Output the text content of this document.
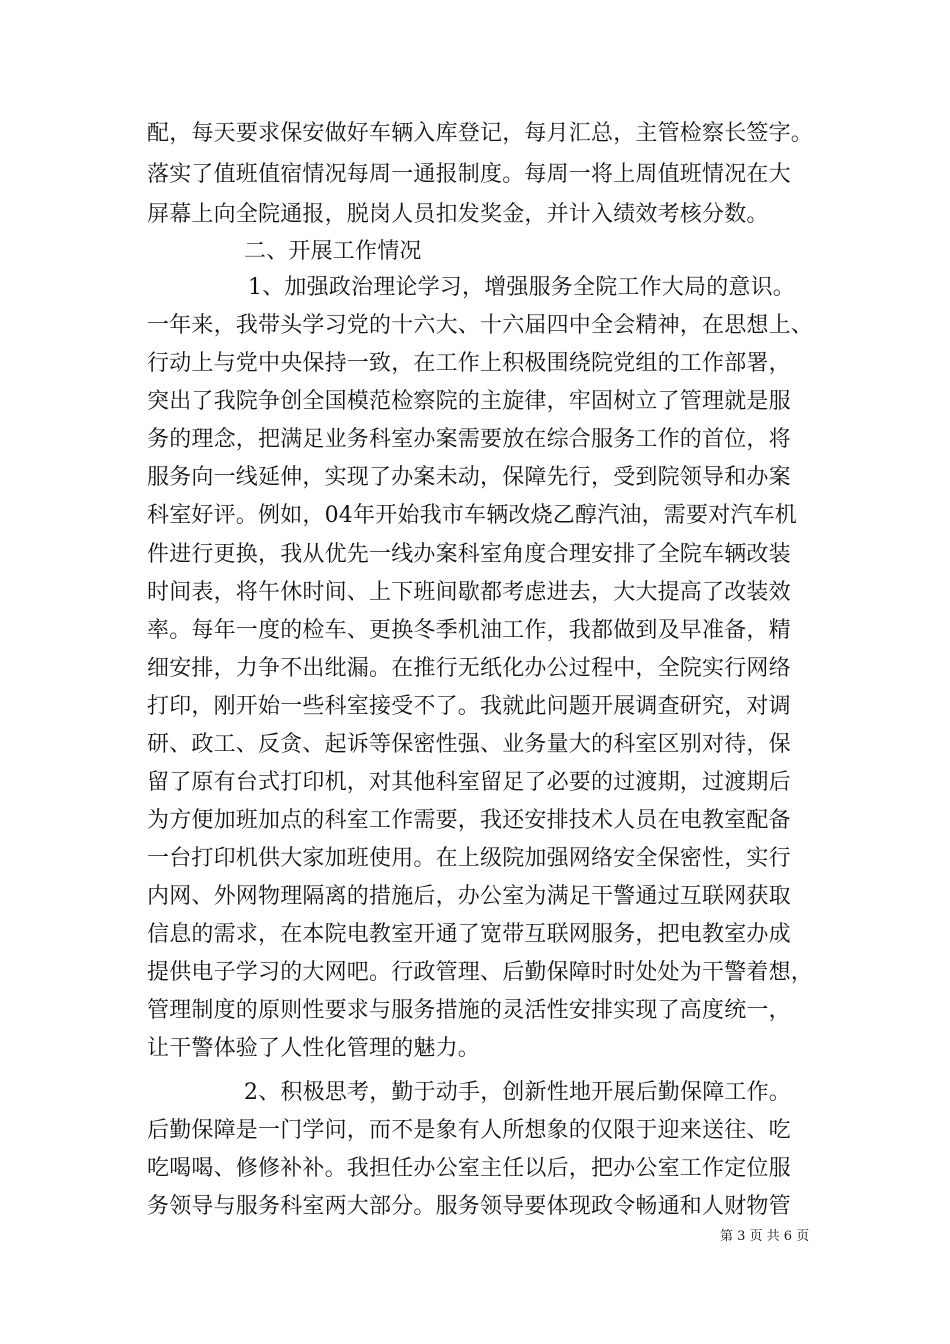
配，每天要求保安做好车辆入库登记，每月汇总，主管检察长签字。
落实了值班值宿情况每周一通报制度。每周一将上周值班情况在大
屏幕上向全院通报，脱岗人员扣发奖金，并计入绩效考核分数。
二、开展工作情况
1、加强政治理论学习，增强服务全院工作大局的意识。
一年来，我带头学习党的十六大、十六届四中全会精神，在思想上、
行动上与党中央保持一致，在工作上积极围绕院党组的工作部署，
突出了我院争创全国模范检察院的主旋律，牢固树立了管理就是服
务的理念，把满足业务科室办案需要放在综合服务工作的首位，将
服务向一线延伸，实现了办案未动，保障先行，受到院领导和办案
科室好评。例如，04年开始我市车辆改烧乙醇汽油，需要对汽车机
件进行更换，我从优先一线办案科室角度合理安排了全院车辆改装
时间表，将午休时间、上下班间歇都考虑进去，大大提高了改装效
率。每年一度的检车、更换冬季机油工作，我都做到及早准备，精
细安排，力争不出纰漏。在推行无纸化办公过程中，全院实行网络
打印，刚开始一些科室接受不了。我就此问题开展调查研究，对调
研、政工、反贪、起诉等保密性强、业务量大的科室区别对待，保
留了原有台式打印机，对其他科室留足了必要的过渡期，过渡期后
为方便加班加点的科室工作需要，我还安排技术人员在电教室配备
一台打印机供大家加班使用。在上级院加强网络安全保密性，实行
内网、外网物理隔离的措施后，办公室为满足干警通过互联网获取
信息的需求，在本院电教室开通了宽带互联网服务，把电教室办成
提供电子学习的大网吧。行政管理、后勤保障时时处处为干警着想，
管理制度的原则性要求与服务措施的灵活性安排实现了高度统一，
让干警体验了人性化管理的魅力。
2、积极思考，勤于动手，创新性地开展后勤保障工作。
后勤保障是一门学问，而不是象有人所想象的仅限于迎来送往、吃
吃喝喝、修修补补。我担任办公室主任以后，把办公室工作定位服
务领导与服务科室两大部分。服务领导要体现政令畅通和人财物管
第 3 页 共 6 页
